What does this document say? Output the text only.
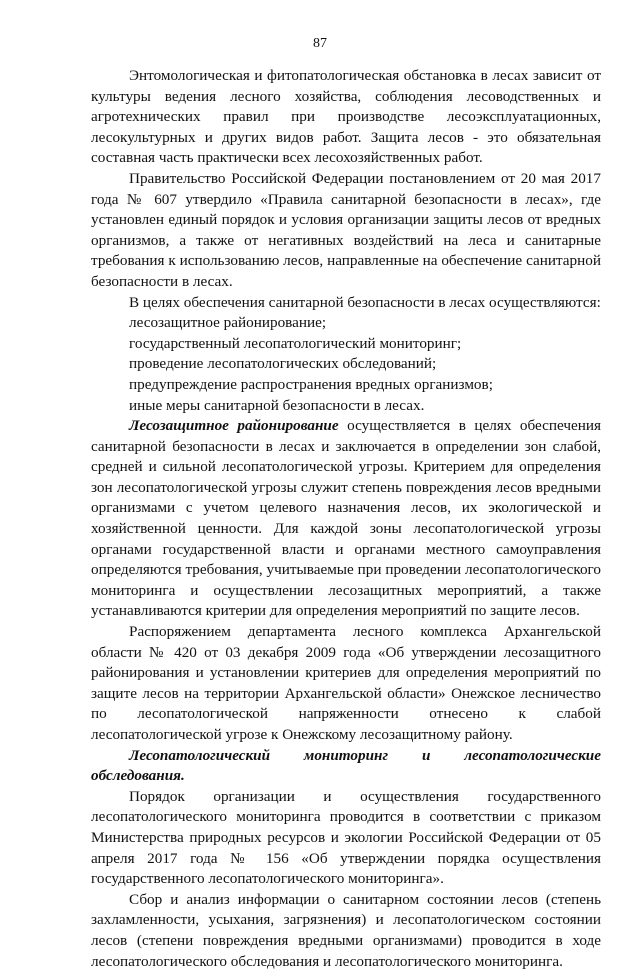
87

Энтомологическая и фитопатологическая обстановка в лесах зависит от культуры ведения лесного хозяйства, соблюдения лесоводственных и агротехнических правил при производстве лесоэксплуатационных, лесокультурных и других видов работ. Защита лесов - это обязательная составная часть практически всех лесохозяйственных работ.

Правительство Российской Федерации постановлением от 20 мая 2017 года № 607 утвердило «Правила санитарной безопасности в лесах», где установлен единый порядок и условия организации защиты лесов от вредных организмов, а также от негативных воздействий на леса и санитарные требования к использованию лесов, направленные на обеспечение санитарной безопасности в лесах.

В целях обеспечения санитарной безопасности в лесах осуществляются:

лесозащитное районирование;

государственный лесопатологический мониторинг;

проведение лесопатологических обследований;

предупреждение распространения вредных организмов;

иные меры санитарной безопасности в лесах.

Лесозащитное районирование осуществляется в целях обеспечения санитарной безопасности в лесах и заключается в определении зон слабой, средней и сильной лесопатологической угрозы. Критерием для определения зон лесопатологической угрозы служит степень повреждения лесов вредными организмами с учетом целевого назначения лесов, их экологической и хозяйственной ценности. Для каждой зоны лесопатологической угрозы органами государственной власти и органами местного самоуправления определяются требования, учитываемые при проведении лесопатологического мониторинга и осуществлении лесозащитных мероприятий, а также устанавливаются критерии для определения мероприятий по защите лесов.

Распоряжением департамента лесного комплекса Архангельской области № 420 от 03 декабря 2009 года «Об утверждении лесозащитного районирования и установлении критериев для определения мероприятий по защите лесов на территории Архангельской области» Онежское лесничество по лесопатологической напряженности отнесено к слабой лесопатологической угрозе к Онежскому лесозащитному району.

Лесопатологический мониторинг и лесопатологические обследования.

Порядок организации и осуществления государственного лесопатологического мониторинга проводится в соответствии с приказом Министерства природных ресурсов и экологии Российской Федерации от 05 апреля 2017 года № 156 «Об утверждении порядка осуществления государственного лесопатологического мониторинга».

Сбор и анализ информации о санитарном состоянии лесов (степень захламленности, усыхания, загрязнения) и лесопатологическом состоянии лесов (степени повреждения вредными организмами) проводится в ходе лесопатологического обследования и лесопатологического мониторинга.
